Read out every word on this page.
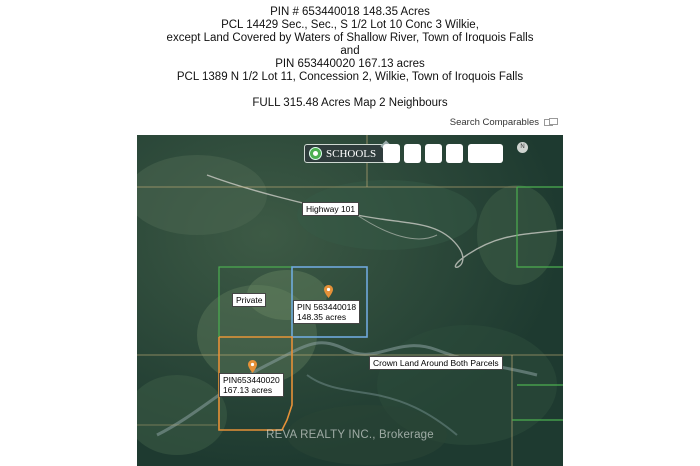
PIN # 653440018 148.35 Acres
PCL 14429 Sec., Sec., S 1/2 Lot 10 Conc 3 Wilkie,
except Land Covered by Waters of Shallow River, Town of Iroquois Falls
and
PIN 653440020 167.13 acres
PCL 1389 N 1/2 Lot 11, Concession 2, Wilkie, Town of Iroquois Falls
FULL 315.48 Acres Map 2 Neighbours
Search Comparables
SCHOOLS
N
Highway 101
Private
PIN 563440018
148.35 acres
Crown Land Around Both Parcels
PIN653440020
167.13 acres
REVA REALTY INC., Brokerage
